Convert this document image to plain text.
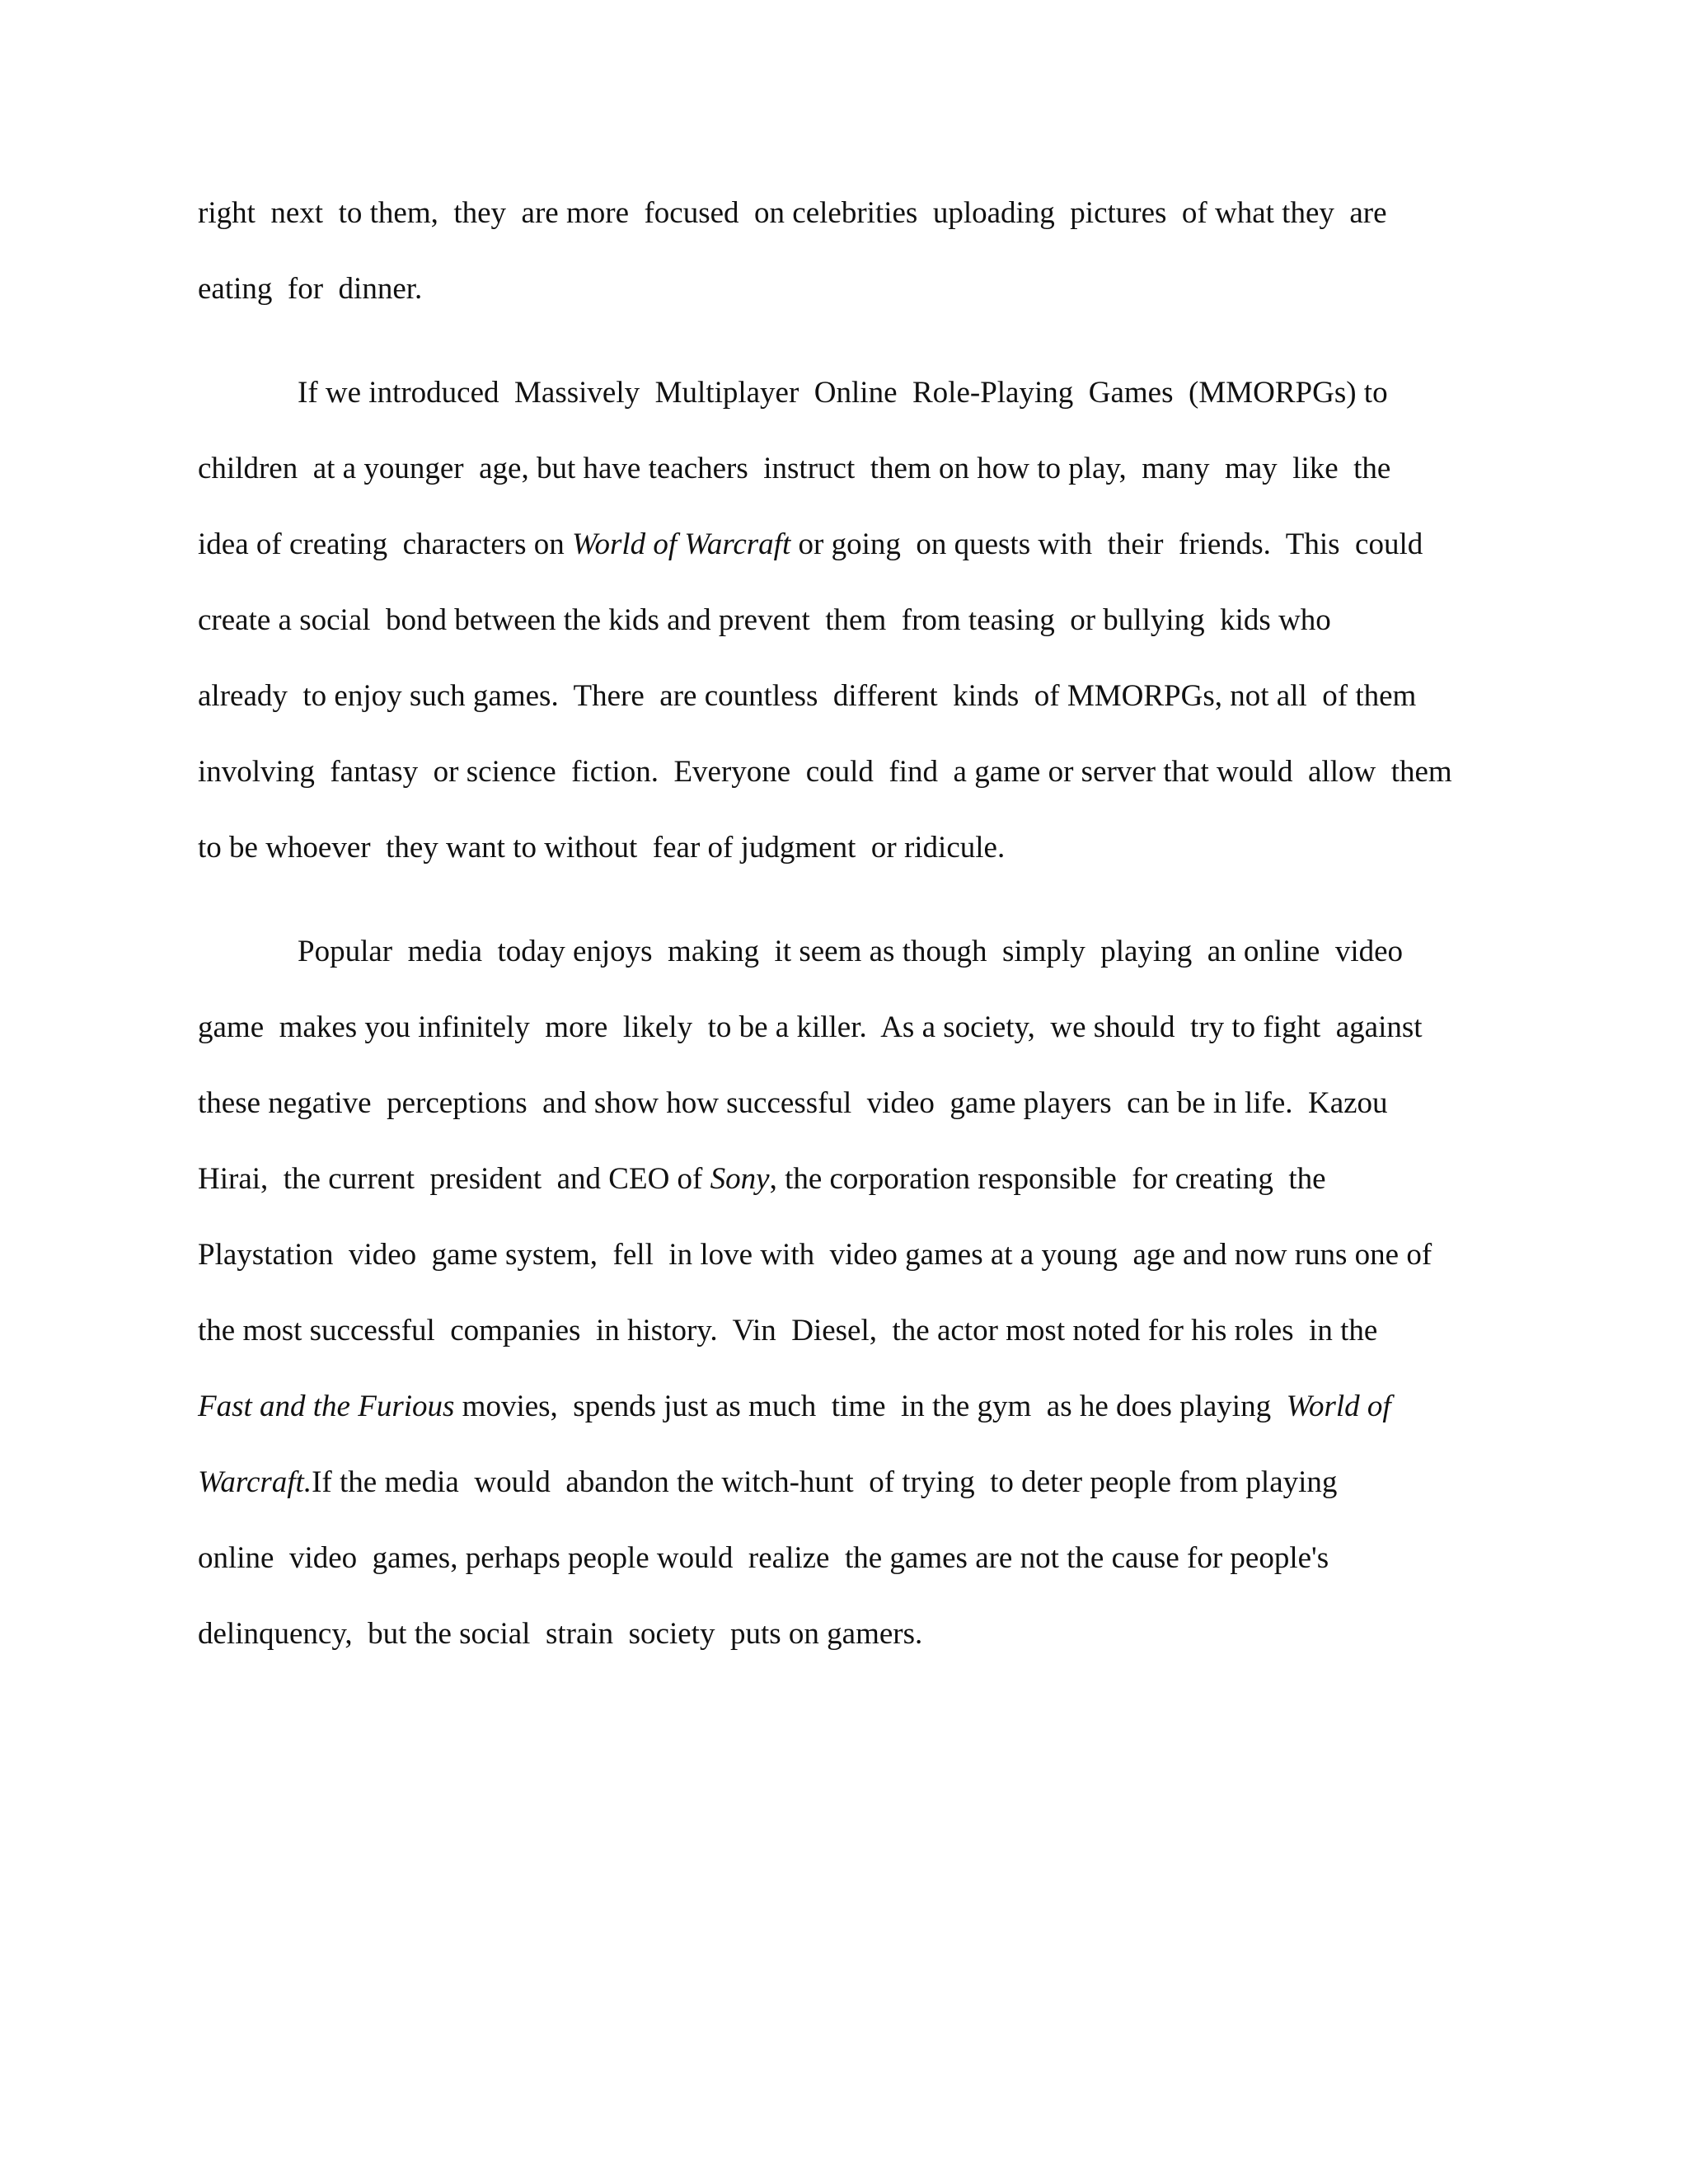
right  next  to them,  they  are more  focused  on celebrities  uploading  pictures  of what they  are
eating  for  dinner.
If we introduced  Massively  Multiplayer  Online  Role-Playing  Games  (MMORPGs) to
children  at a younger  age, but have teachers  instruct  them on how to play,  many  may  like  the
idea of creating  characters on World of Warcraft or going  on quests with  their  friends.  This  could
create a social  bond between the kids and prevent  them  from teasing  or bullying  kids who
already  to enjoy such games.  There  are countless  different  kinds  of MMORPGs, not all  of them
involving  fantasy  or science  fiction.  Everyone  could  find  a game or server that would  allow  them
to be whoever  they want to without  fear of judgment  or ridicule.
Popular  media  today enjoys  making  it seem as though  simply  playing  an online  video
game  makes you infinitely  more  likely  to be a killer.  As a society,  we should  try to fight  against
these negative  perceptions  and show how successful  video  game players  can be in life.  Kazou
Hirai,  the current  president  and CEO of Sony, the corporation responsible  for creating  the
Playstation  video  game system,  fell  in love with  video games at a young  age and now runs one of
the most successful  companies  in history.  Vin  Diesel,  the actor most noted for his roles  in the
Fast and the Furious movies,  spends just as much  time  in the gym  as he does playing  World of
Warcraft.If the media  would  abandon the witch-hunt  of trying  to deter people from playing
online  video  games, perhaps people would  realize  the games are not the cause for people's
delinquency,  but the social  strain  society  puts on gamers.
